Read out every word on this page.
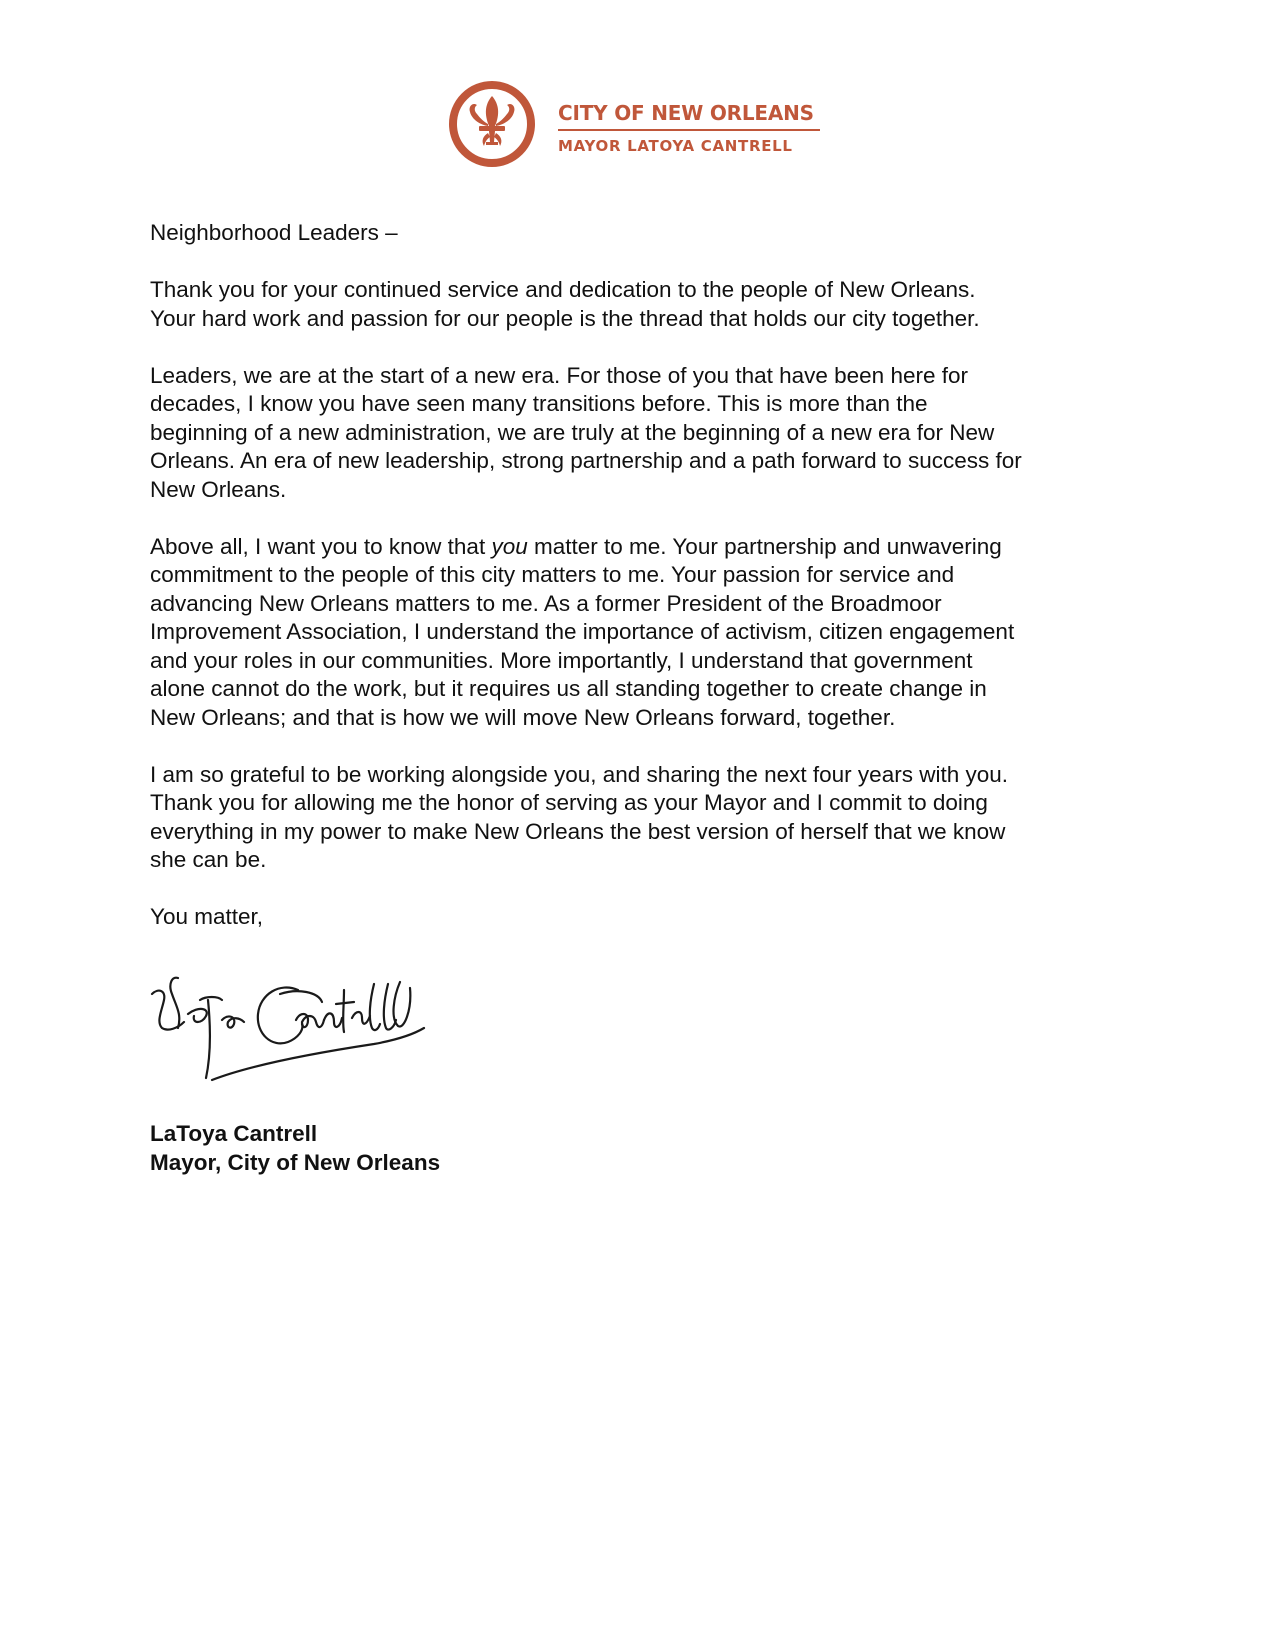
CITY OF NEW ORLEANS
MAYOR LATOYA CANTRELL

Neighborhood Leaders –

Thank you for your continued service and dedication to the people of New Orleans.
Your hard work and passion for our people is the thread that holds our city together.

Leaders, we are at the start of a new era. For those of you that have been here for
decades, I know you have seen many transitions before. This is more than the
beginning of a new administration, we are truly at the beginning of a new era for New
Orleans. An era of new leadership, strong partnership and a path forward to success for
New Orleans.

Above all, I want you to know that you matter to me. Your partnership and unwavering
commitment to the people of this city matters to me. Your passion for service and
advancing New Orleans matters to me. As a former President of the Broadmoor
Improvement Association, I understand the importance of activism, citizen engagement
and your roles in our communities. More importantly, I understand that government
alone cannot do the work, but it requires us all standing together to create change in
New Orleans; and that is how we will move New Orleans forward, together.

I am so grateful to be working alongside you, and sharing the next four years with you.
Thank you for allowing me the honor of serving as your Mayor and I commit to doing
everything in my power to make New Orleans the best version of herself that we know
she can be.

You matter,

LaToya Cantrell
Mayor, City of New Orleans
